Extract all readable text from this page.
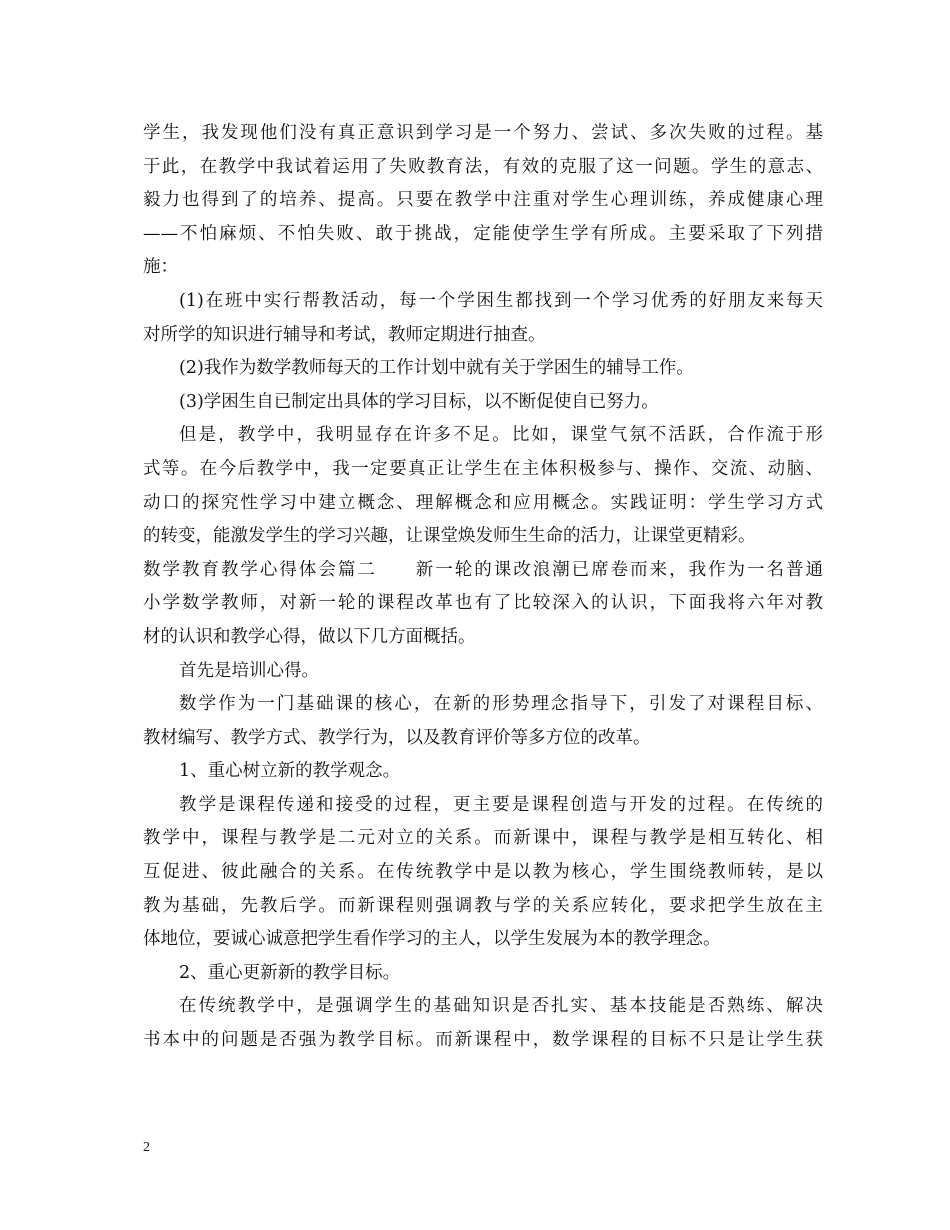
学生，我发现他们没有真正意识到学习是一个努力、尝试、多次失败的过程。基
于此，在教学中我试着运用了失败教育法，有效的克服了这一问题。学生的意志、
毅力也得到了的培养、提高。只要在教学中注重对学生心理训练，养成健康心理
——不怕麻烦、不怕失败、敢于挑战，定能使学生学有所成。主要采取了下列措
施：
(1)在班中实行帮教活动，每一个学困生都找到一个学习优秀的好朋友来每天
对所学的知识进行辅导和考试，教师定期进行抽查。
(2)我作为数学教师每天的工作计划中就有关于学困生的辅导工作。
(3)学困生自已制定出具体的学习目标，以不断促使自已努力。
但是，教学中，我明显存在许多不足。比如，课堂气氛不活跃，合作流于形
式等。在今后教学中，我一定要真正让学生在主体积极参与、操作、交流、动脑、
动口的探究性学习中建立概念、理解概念和应用概念。实践证明：学生学习方式
的转变，能激发学生的学习兴趣，让课堂焕发师生生命的活力，让课堂更精彩。
数学教育教学心得体会篇二　　新一轮的课改浪潮已席卷而来，我作为一名普通
小学数学教师，对新一轮的课程改革也有了比较深入的认识，下面我将六年对教
材的认识和教学心得，做以下几方面概括。
首先是培训心得。
数学作为一门基础课的核心，在新的形势理念指导下，引发了对课程目标、
教材编写、教学方式、教学行为，以及教育评价等多方位的改革。
1、重心树立新的教学观念。
教学是课程传递和接受的过程，更主要是课程创造与开发的过程。在传统的
教学中，课程与教学是二元对立的关系。而新课中，课程与教学是相互转化、相
互促进、彼此融合的关系。在传统教学中是以教为核心，学生围绕教师转，是以
教为基础，先教后学。而新课程则强调教与学的关系应转化，要求把学生放在主
体地位，要诚心诚意把学生看作学习的主人，以学生发展为本的教学理念。
2、重心更新新的教学目标。
在传统教学中，是强调学生的基础知识是否扎实、基本技能是否熟练、解决
书本中的问题是否强为教学目标。而新课程中，数学课程的目标不只是让学生获
2
